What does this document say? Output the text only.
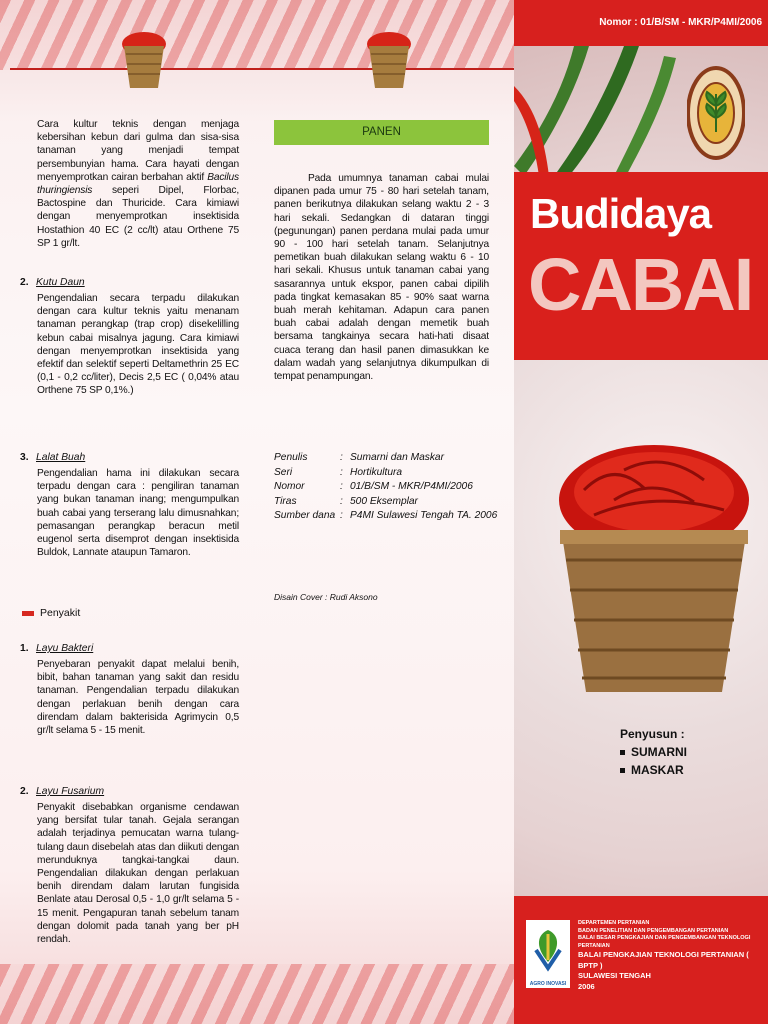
Cara kultur teknis dengan menjaga kebersihan kebun dari gulma dan sisa-sisa tanaman yang menjadi tempat persembunyian hama. Cara hayati dengan menyemprotkan cairan berbahan aktif Bacilus thuringiensis seperi Dipel, Florbac, Bactospine dan Thuricide. Cara kimiawi dengan menyemprotkan insektisida Hostathion 40 EC (2 cc/lt) atau Orthene 75 SP 1 gr/lt.

2. Kutu Daun

Pengendalian secara terpadu dilakukan dengan cara kultur teknis yaitu menanam tanaman perangkap (trap crop) disekelilling kebun cabai misalnya jagung. Cara kimiawi dengan menyemprotkan insektisida yang efektif dan selektif seperti Deltamethrin 25 EC (0,1 - 0,2 cc/liter), Decis 2,5 EC ( 0,04% atau Orthene 75 SP 0,1%.)

3. Lalat Buah

Pengendalian hama ini dilakukan secara terpadu dengan cara : pengiliran tanaman yang bukan tanaman inang; mengumpulkan buah cabai yang terserang lalu dimusnahkan; pemasangan perangkap beracun metil eugenol serta disemprot dengan insektisida Buldok, Lannate ataupun Tamaron.

Penyakit
1. Layu Bakteri

Penyebaran penyakit dapat melalui benih, bibit, bahan tanaman yang sakit dan residu tanaman. Pengendalian terpadu dilakukan dengan perlakuan benih dengan cara direndam dalam bakterisida Agrimycin 0,5 gr/lt selama 5 - 15 menit.

2. Layu Fusarium

Penyakit disebabkan organisme cendawan yang bersifat tular tanah. Gejala serangan adalah terjadinya pemucatan warna tulang-tulang daun disebelah atas dan diikuti dengan merunduknya tangkai-tangkai daun. Pengendalian dilakukan dengan perlakuan benih direndam dalam larutan fungisida Benlate atau Derosal 0,5 - 1,0 gr/lt selama 5 - 15 menit. Pengapuran tanah sebelum tanam dengan dolomit pada tanah yang ber pH rendah.

PANEN

Pada umumnya tanaman cabai mulai dipanen pada umur 75 - 80 hari setelah tanam, panen berikutnya dilakukan selang waktu 2 - 3 hari sekali. Sedangkan di dataran tinggi (pegunungan) panen perdana mulai pada umur 90 - 100 hari setelah tanam. Selanjutnya pemetikan buah dilakukan selang waktu 6 - 10 hari sekali. Khusus untuk tanaman cabai yang sasarannya untuk ekspor, panen cabai dipilih pada tingkat kemasakan 85 - 90% saat warna buah merah kehitaman. Adapun cara panen buah cabai adalah dengan memetik buah bersama tangkainya secara hati-hati disaat cuaca terang dan hasil panen dimasukkan ke dalam wadah yang selanjutnya dikumpulkan di tempat penampungan.

Penulis	: Sumarni dan Maskar
Seri	: Hortikultura
Nomor	: 01/B/SM - MKR/P4MI/2006
Tiras	: 500 Eksemplar
Sumber dana : P4MI Sulawesi Tengah TA. 2006
Disain Cover : Rudi Aksono
Nomor : 01/B/SM - MKR/P4MI/2006
Penyusun :
SUMARNI
MASKAR
AGRO INOVASI
DEPARTEMEN PERTANIAN
BADAN PENELITIAN DAN PENGEMBANGAN PERTANIAN
BALAI BESAR PENGKAJIAN DAN PENGEMBANGAN TEKNOLOGI PERTANIAN
BALAI PENGKAJIAN TEKNOLOGI PERTANIAN ( BPTP )
SULAWESI TENGAH
2006
Budidaya
CABAI
